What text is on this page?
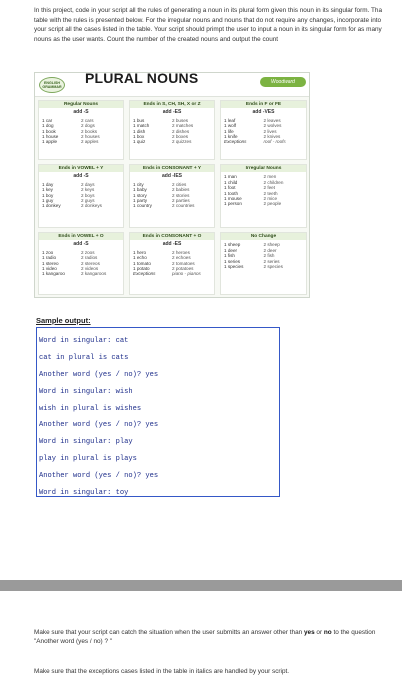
In this project, code in your script all the rules of generating a noun in its plural form given this noun in its singular form. Tha table with the rules is presented below. For the irregular nouns and nouns that do not require any changes, incorporate into your script all the cases listed in the table. Your script should primpt the user to input a noun in its singular form for as many nouns as the user wants. Count the number of the created nouns and output the count
ENGLISH GRAMMAR
PLURAL NOUNS	Woodward
Regular Nouns
add -S
1 car	2 cars
1 dog	2 dogs
1 book	2 books
1 house	2 houses
1 apple	2 apples
Ends in S, CH, SH, X or Z
add -ES
1 bus	2 buses
1 match	2 matches
1 dish	2 dishes
1 box	2 boxes
1 quiz	2 quizzes
Ends in F or FE
add -VES
1 leaf	2 leaves
1 wolf	2 wolves
1 life	2 lives
1 knife	2 knives
Exceptions	roof - roofs
Ends in VOWEL + Y
add -S
1 day	2 days
1 key	2 keys
1 boy	2 boys
1 guy	2 guys
1 donkey	2 donkeys
Ends in CONSONANT + Y
add -IES
1 city	2 cities
1 baby	2 babies
1 story	2 stories
1 party	2 parties
1 country	2 countries
Irregular Nouns
1 man	2 men
1 child	2 children
1 foot	2 feet
1 tooth	2 teeth
1 mouse	2 mice
1 person	2 people
Ends in VOWEL + O
add -S
1 zoo	2 zoos
1 radio	2 radios
1 stereo	2 stereos
1 video	2 videos
1 kangaroo	2 kangaroos
Ends in CONSONANT + O
add -ES
1 hero	2 heroes
1 echo	2 echoes
1 tomato	2 tomatoes
1 potato	2 potatoes
Exceptions	piano - pianos
No Change
1 sheep	2 sheep
1 deer	2 deer
1 fish	2 fish
1 series	2 series
1 species	2 species
Sample output:

Word in singular: cat

cat in plural is cats

Another word (yes / no)? yes

Word in singular: wish

wish in plural is wishes

Another word (yes / no)? yes

Word in singular: play

play in plural is plays

Another word (yes / no)? yes

Word in singular: toy

Make sure that your script can catch the situation when the user submitts an answer other than yes or no to the question "Another word (yes / no) ? "
Make sure that the exceptions cases listed in the table in italics are handled by your script.
